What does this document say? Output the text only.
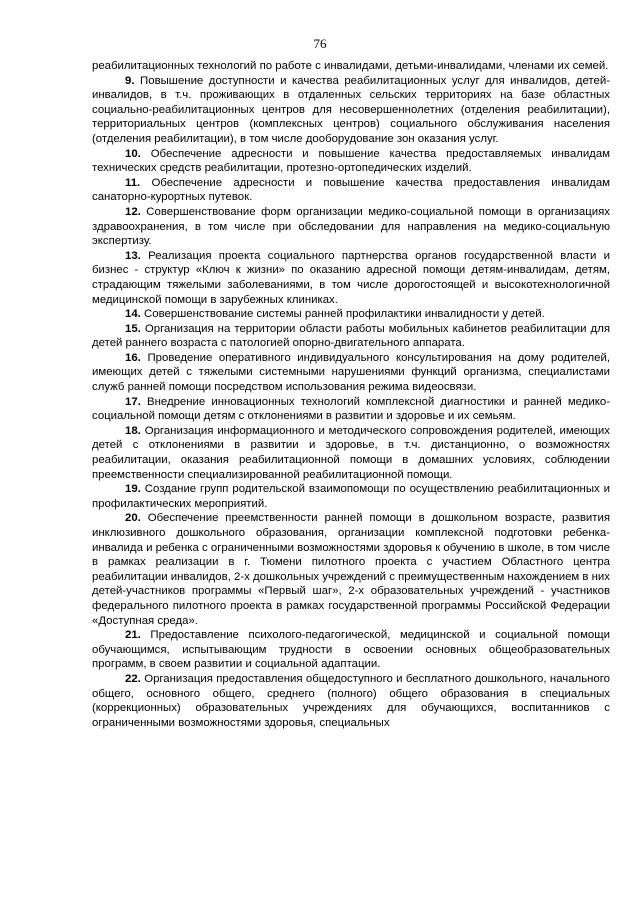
76

реабилитационных технологий по работе с инвалидами, детьми-инвалидами, членами их семей.

9. Повышение доступности и качества реабилитационных услуг для инвалидов, детей-инвалидов, в т.ч. проживающих в отдаленных сельских территориях на базе областных социально-реабилитационных центров для несовершеннолетних (отделения реабилитации), территориальных центров (комплексных центров) социального обслуживания населения (отделения реабилитации), в том числе дооборудование зон оказания услуг.

10. Обеспечение адресности и повышение качества предоставляемых инвалидам технических средств реабилитации, протезно-ортопедических изделий.

11. Обеспечение адресности и повышение качества предоставления инвалидам санаторно-курортных путевок.

12. Совершенствование форм организации медико-социальной помощи в организациях здравоохранения, в том числе при обследовании для направления на медико-социальную экспертизу.

13. Реализация проекта социального партнерства органов государственной власти и бизнес - структур «Ключ к жизни» по оказанию адресной помощи детям-инвалидам, детям, страдающим тяжелыми заболеваниями, в том числе дорогостоящей и высокотехнологичной медицинской помощи в зарубежных клиниках.

14. Совершенствование системы ранней профилактики инвалидности у детей.

15. Организация на территории области работы мобильных кабинетов реабилитации для детей раннего возраста с патологией опорно-двигательного аппарата.

16. Проведение оперативного индивидуального консультирования на дому родителей, имеющих детей с тяжелыми системными нарушениями функций организма, специалистами служб ранней помощи посредством использования режима видеосвязи.

17. Внедрение инновационных технологий комплексной диагностики и ранней медико-социальной помощи детям с отклонениями в развитии и здоровье и их семьям.

18. Организация информационного и методического сопровождения родителей, имеющих детей с отклонениями в развитии и здоровье, в т.ч. дистанционно, о возможностях реабилитации, оказания реабилитационной помощи в домашних условиях, соблюдении преемственности специализированной реабилитационной помощи.

19. Создание групп родительской взаимопомощи по осуществлению реабилитационных и профилактических мероприятий.

20. Обеспечение преемственности ранней помощи в дошкольном возрасте, развития инклюзивного дошкольного образования, организации комплексной подготовки ребенка-инвалида и ребенка с ограниченными возможностями здоровья к обучению в школе, в том числе в рамках реализации в г. Тюмени пилотного проекта с участием Областного центра реабилитации инвалидов, 2-х дошкольных учреждений с преимущественным нахождением в них детей-участников программы «Первый шаг», 2-х образовательных учреждений - участников федерального пилотного проекта в рамках государственной программы Российской Федерации «Доступная среда».

21. Предоставление психолого-педагогической, медицинской и социальной помощи обучающимся, испытывающим трудности в освоении основных общеобразовательных программ, в своем развитии и социальной адаптации.

22. Организация предоставления общедоступного и бесплатного дошкольного, начального общего, основного общего, среднего (полного) общего образования в специальных (коррекционных) образовательных учреждениях для обучающихся, воспитанников с ограниченными возможностями здоровья, специальных
